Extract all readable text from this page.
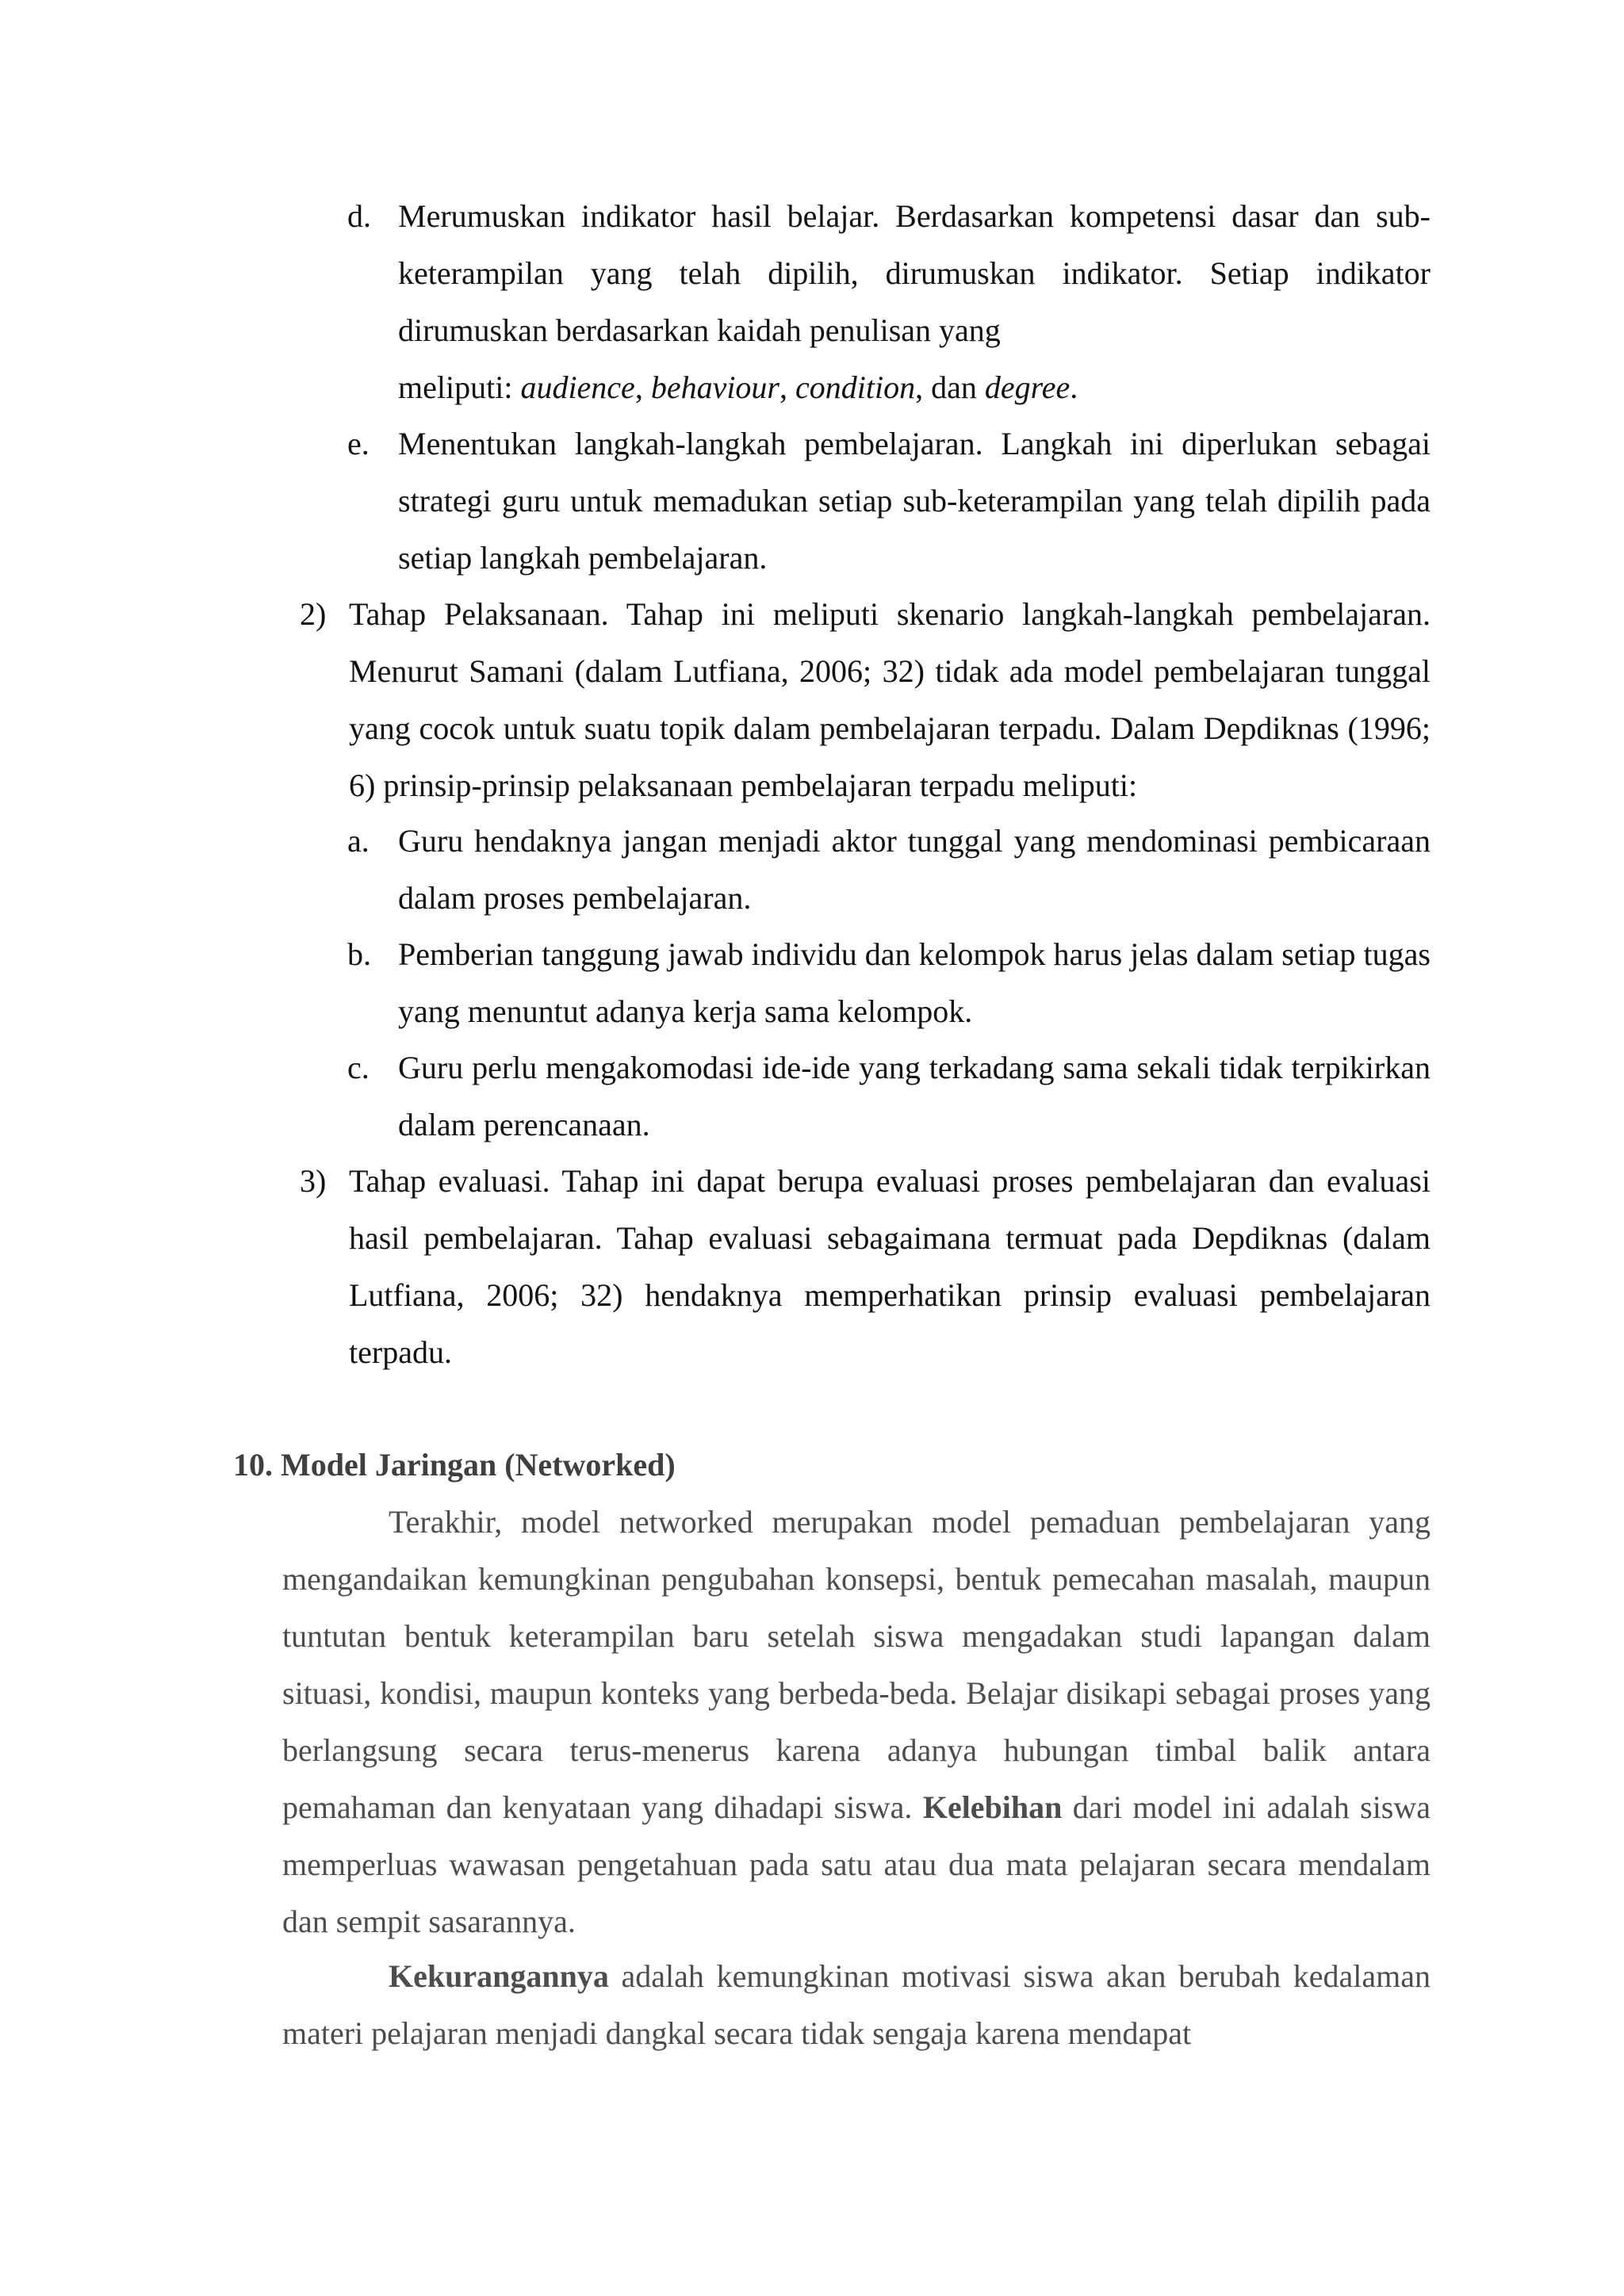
d. Merumuskan indikator hasil belajar. Berdasarkan kompetensi dasar dan sub-keterampilan yang telah dipilih, dirumuskan indikator. Setiap indikator dirumuskan berdasarkan kaidah penulisan yang
meliputi: audience, behaviour, condition, dan degree.
e. Menentukan langkah-langkah pembelajaran. Langkah ini diperlukan sebagai strategi guru untuk memadukan setiap sub-keterampilan yang telah dipilih pada setiap langkah pembelajaran.
2) Tahap Pelaksanaan. Tahap ini meliputi skenario langkah-langkah pembelajaran. Menurut Samani (dalam Lutfiana, 2006; 32) tidak ada model pembelajaran tunggal yang cocok untuk suatu topik dalam pembelajaran terpadu. Dalam Depdiknas (1996; 6) prinsip-prinsip pelaksanaan pembelajaran terpadu meliputi:
a. Guru hendaknya jangan menjadi aktor tunggal yang mendominasi pembicaraan dalam proses pembelajaran.
b. Pemberian tanggung jawab individu dan kelompok harus jelas dalam setiap tugas yang menuntut adanya kerja sama kelompok.
c. Guru perlu mengakomodasi ide-ide yang terkadang sama sekali tidak terpikirkan dalam perencanaan.
3) Tahap evaluasi. Tahap ini dapat berupa evaluasi proses pembelajaran dan evaluasi hasil pembelajaran. Tahap evaluasi sebagaimana termuat pada Depdiknas (dalam Lutfiana, 2006; 32) hendaknya memperhatikan prinsip evaluasi pembelajaran terpadu.
10. Model Jaringan (Networked)
Terakhir, model networked merupakan model pemaduan pembelajaran yang mengandaikan kemungkinan pengubahan konsepsi, bentuk pemecahan masalah, maupun tuntutan bentuk keterampilan baru setelah siswa mengadakan studi lapangan dalam situasi, kondisi, maupun konteks yang berbeda-beda. Belajar disikapi sebagai proses yang berlangsung secara terus-menerus karena adanya hubungan timbal balik antara pemahaman dan kenyataan yang dihadapi siswa. Kelebihan dari model ini adalah siswa memperluas wawasan pengetahuan pada satu atau dua mata pelajaran secara mendalam dan sempit sasarannya.
Kekurangannya adalah kemungkinan motivasi siswa akan berubah kedalaman materi pelajaran menjadi dangkal secara tidak sengaja karena mendapat
